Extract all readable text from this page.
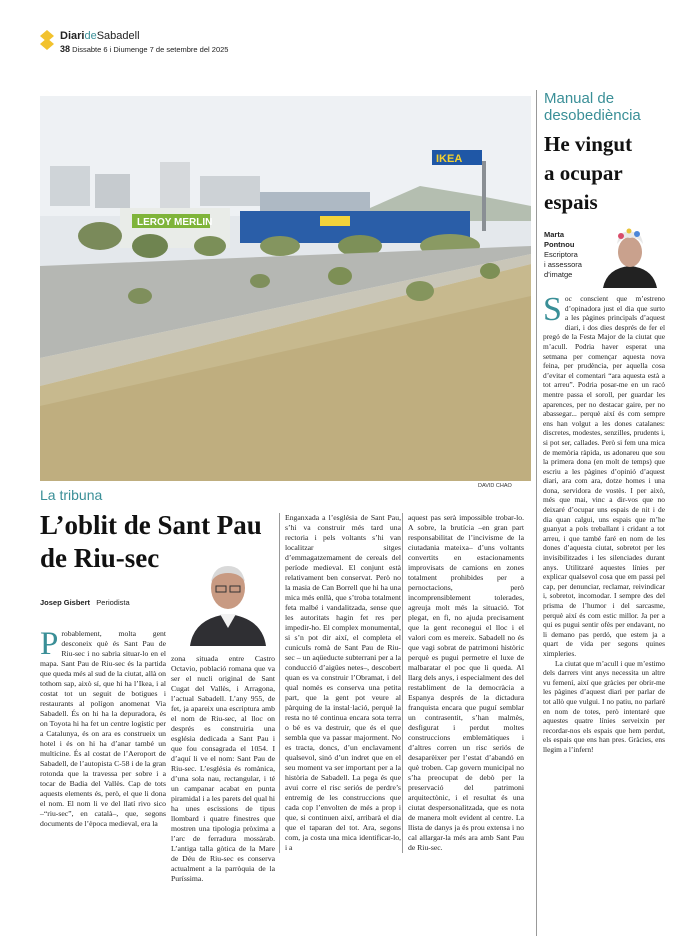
DiarideSabadell
38 Dissabte 6 i Diumenge 7 de setembre del 2025
LEROY MERLIN
IKEA
DAVID CHAO
La tribuna
L’oblit de Sant Pau de Riu-sec
Josep Gisbert Periodista

Probablement, molta gent desconeix què és Sant Pau de Riu-sec i no sabria situar-lo en el mapa. Sant Pau de Riu-sec és la partida que queda més al sud de la ciutat, allà on tothom sap, això sí, que hi ha l’Ikea, i al costat tot un seguit de botigues i restaurants al polígon anomenat Via Sabadell. És on hi ha la depuradora, és on Toyota hi ha fet un centre logístic per a Catalunya, és on ara es construeix un hotel i és on hi ha d’anar també un multicine. És al costat de l’Aeroport de Sabadell, de l’autopista C-58 i de la gran rotonda que la travessa per sobre i a tocar de Badia del Vallès. Cap de tots aquests elements és, però, el que li dona el nom. El nom li ve del llatí rivo sico –“riu-sec”, en català–, que, segons documents de l’època medieval, era la

zona situada entre Castro Octavio, població romana que va ser el nucli original de Sant Cugat del Vallès, i Arragona, l’actual Sabadell. L’any 955, de fet, ja apareix una escriptura amb el nom de Riu-sec, al lloc on després es construiria una església dedicada a Sant Pau i que fou consagrada el 1054. I d’aquí li ve el nom: Sant Pau de Riu-sec. L’església és romànica, d’una sola nau, rectangular, i té un campanar acabat en punta piramidal i a les parets del qual hi ha unes escissions de tipus llombard i quatre finestres que mostren una tipologia pròxima a l’arc de ferradura mossàrab. L’antiga talla gòtica de la Mare de Déu de Riu-sec es conserva actualment a la parròquia de la Puríssima.

Enganxada a l’església de Sant Pau, s’hi va construir més tard una rectoria i pels voltants s’hi van localitzar sitges d’emmagatzemament de cereals del període medieval. El conjunt està relativament ben conservat. Però no la masia de Can Borrell que hi ha una mica més enllà, que s’troba totalment feta malbé i vandalitzada, sense que les autoritats hagin fet res per impedir-ho. El complex monumental, si s’n pot dir així, el completa el cunicuIs romà de Sant Pau de Riu-sec – un aqüeducte subterrani per a la conducció d’aigües netes–, descobert quan es va construir l’Obramat, i del qual només es conserva una petita part, que la gent pot veure al pàrquing de la instal·lació, perquè la resta no té continua encara sota terra o bé es va destruir, que és el que sembla que va passar majorment. No es tracta, doncs, d’un enclavament qualsevol, sinó d’un indret que en el seu moment va ser important per a la història de Sabadell. La pega és que avui corre el risc seriós de perdre’s entremig de les construccions que cada cop l’envolten de més a prop i que, si continuen així, arribarà el dia que el taparan del tot. Ara, segons com, ja costa una mica identificar-lo, i a

aquest pas serà impossible trobar-lo. A sobre, la brutícia –en gran part responsabilitat de l’incivisme de la ciutadania mateixa– d’uns voltants convertits en estacionaments improvisats de camions en zones totalment prohibides per a pernoctacions, però incomprensiblement tolerades, agreuja molt més la situació. Tot plegat, en fi, no ajuda precisament que la gent reconegui el lloc i el valori com es mereix. Sabadell no és que vagi sobrat de patrimoni històric perquè es pugui permetre el luxe de malbaratar el poc que li queda. Al llarg dels anys, i especialment des del restabliment de la democràcia a Espanya després de la dictadura franquista encara que puguí semblar un contrasentit, s’han malmès, desfigurat i perdut moltes construccions emblemàtiques i d’altres corren un risc seriós de desaparèixer per l’estat d’abandó en què troben. Cap govern municipal no s’ha preocupat de debò per la preservació del patrimoni arquitectònic, i el resultat és una ciutat despersonalitzada, que es nota de manera molt evident al centre. La llista de danys ja és prou extensa i no cal allargar-la més ara amb Sant Pau de Riu-sec.

Manual de
desobediència
He vingut
a ocupar
espais
Marta
Pontnou
Escriptora
i assessora
d’imatge

Soc conscient que m’estreno d’opinadora just el dia que surto a les pàgines principals d’aquest diari, i dos dies després de fer el pregó de la Festa Major de la ciutat que m’acull. Podria haver esperat una setmana per començar aquesta nova feina, per prudència, per aquella cosa d’evitar el comentari “ara aquesta està a tot arreu”. Podria posar-me en un racó mentre passa el soroll, per guardar les aparences, per no destacar gaire, per no abassegar... perquè així és com sempre ens han volgut a les dones catalanes: discretes, modestes, senzilles, prudents i, si pot ser, callades. Però si fem una mica de memòria ràpida, us adonareu que sou la primera dona (en molt de temps) que escriu a les pàgines d’opinió d’aquest diari, ara com ara, dotze homes i una dona, servidora de vostès. I per això, més que mai, vinc a dir-vos que no deixaré d’ocupar uns espais de nit i de dia quan calgui, uns espais que m’he guanyat a pols treballant i cridant a tot arreu, i que també faré en nom de les dones d’aquesta ciutat, sobretot per les invisibilitzades i les silenciades durant anys. Utilitzaré aquestes línies per explicar qualsevol cosa que em passi pel cap, per denunciar, reclamar, reivindicar i, sobretot, incomodar. I sempre des del prisma de l’humor i del sarcasme, perquè així és com estic millor. Ja per a qui es pugui sentir ofès per endavant, no li demano pas perdó, que estem ja a quart de vida per segons quines ximpleries.

La ciutat que m’acull i que m’estimo dels darrers vint anys necessita un altre vu femení, així que gràcies per obrir-me les pàgines d’aquest diari per parlar de tot allò que vulgui. I no patiu, no parlaré en nom de totes, però intentaré que aquestes quatre línies serveixin per recordar-nos els espais que hem perdut, els espais que ens han pres. Gràcies, ens llegim a l’infern!
